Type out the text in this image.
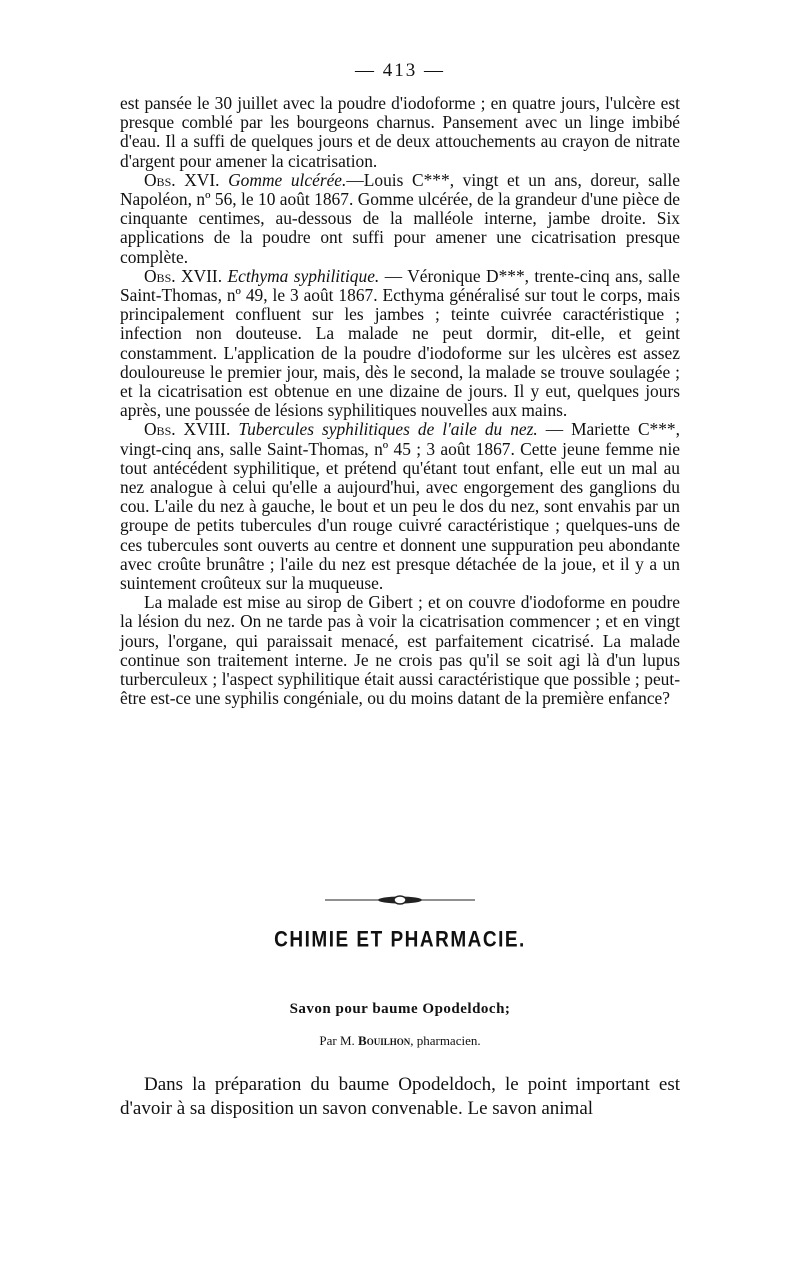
— 413 —

est pansée le 30 juillet avec la poudre d'iodoforme ; en quatre jours, l'ulcère est presque comblé par les bourgeons charnus. Pansement avec un linge imbibé d'eau. Il a suffi de quelques jours et de deux attouchements au crayon de nitrate d'argent pour amener la cicatrisation.

Obs. XVI. Gomme ulcérée.—Louis C***, vingt et un ans, doreur, salle Napoléon, nº 56, le 10 août 1867. Gomme ulcérée, de la grandeur d'une pièce de cinquante centimes, au-dessous de la malléole interne, jambe droite. Six applications de la poudre ont suffi pour amener une cicatrisation presque complète.

Obs. XVII. Ecthyma syphilitique. — Véronique D***, trente-cinq ans, salle Saint-Thomas, nº 49, le 3 août 1867. Ecthyma généralisé sur tout le corps, mais principalement confluent sur les jambes ; teinte cuivrée caractéristique ; infection non douteuse. La malade ne peut dormir, dit-elle, et geint constamment. L'application de la poudre d'iodoforme sur les ulcères est assez douloureuse le premier jour, mais, dès le second, la malade se trouve soulagée ; et la cicatrisation est obtenue en une dizaine de jours. Il y eut, quelques jours après, une poussée de lésions syphilitiques nouvelles aux mains.

Obs. XVIII. Tubercules syphilitiques de l'aile du nez. — Mariette C***, vingt-cinq ans, salle Saint-Thomas, nº 45 ; 3 août 1867. Cette jeune femme nie tout antécédent syphilitique, et prétend qu'étant tout enfant, elle eut un mal au nez analogue à celui qu'elle a aujourd'hui, avec engorgement des ganglions du cou. L'aile du nez à gauche, le bout et un peu le dos du nez, sont envahis par un groupe de petits tubercules d'un rouge cuivré caractéristique ; quelques-uns de ces tubercules sont ouverts au centre et donnent une suppuration peu abondante avec croûte brunâtre ; l'aile du nez est presque détachée de la joue, et il y a un suintement croûteux sur la muqueuse.

La malade est mise au sirop de Gibert ; et on couvre d'iodoforme en poudre la lésion du nez. On ne tarde pas à voir la cicatrisation commencer ; et en vingt jours, l'organe, qui paraissait menacé, est parfaitement cicatrisé. La malade continue son traitement interne. Je ne crois pas qu'il se soit agi là d'un lupus turberculeux ; l'aspect syphilitique était aussi caractéristique que possible ; peut-être est-ce une syphilis congéniale, ou du moins datant de la première enfance?

CHIMIE ET PHARMACIE.
Savon pour baume Opodeldoch;
Par M. Bouilhon, pharmacien.

Dans la préparation du baume Opodeldoch, le point important est d'avoir à sa disposition un savon convenable. Le savon animal
